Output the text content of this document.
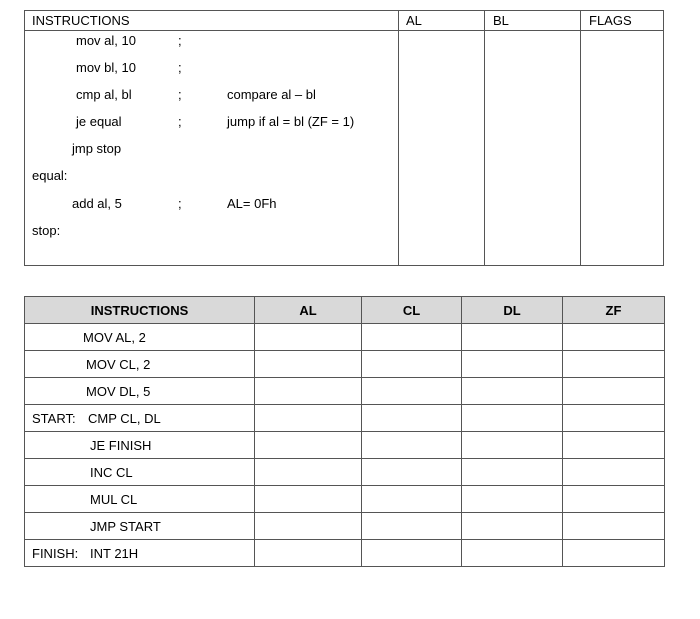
INSTRUCTIONS	AL	BL	FLAGS
mov al, 10	;
mov bl, 10	;
cmp al, bl	;	compare al – bl
je equal	;	jump if al = bl (ZF = 1)
jmp stop
equal:
add al, 5	;	AL= 0Fh
stop:
INSTRUCTIONS	AL	CL	DL	ZF

MOV AL, 2				

MOV CL, 2				

MOV DL, 5				

START: CMP CL, DL				

JE FINISH				

INC CL				

MUL CL				

JMP START				

FINISH: INT 21H				
